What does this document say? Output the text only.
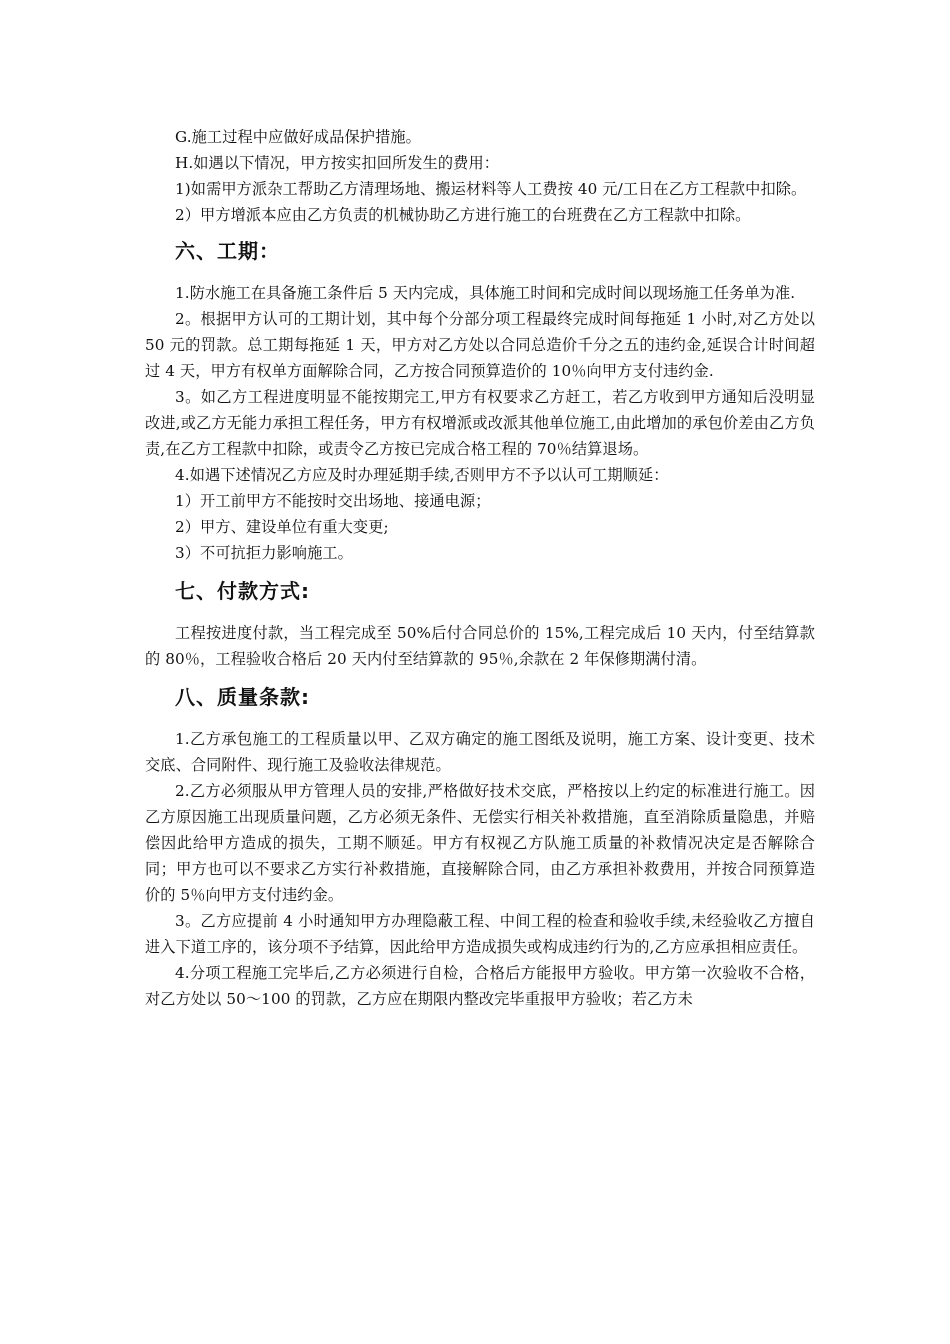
G.施工过程中应做好成品保护措施。

H.如遇以下情况，甲方按实扣回所发生的费用：

1)如需甲方派杂工帮助乙方清理场地、搬运材料等人工费按 40 元/工日在乙方工程款中扣除。

2）甲方增派本应由乙方负责的机械协助乙方进行施工的台班费在乙方工程款中扣除。

六、工期：

1.防水施工在具备施工条件后 5 天内完成，具体施工时间和完成时间以现场施工任务单为准.

2。根据甲方认可的工期计划，其中每个分部分项工程最终完成时间每拖延 1 小时,对乙方处以 50 元的罚款。总工期每拖延 1 天，甲方对乙方处以合同总造价千分之五的违约金,延误合计时间超过 4 天，甲方有权单方面解除合同，乙方按合同预算造价的 10％向甲方支付违约金.

3。如乙方工程进度明显不能按期完工,甲方有权要求乙方赶工，若乙方收到甲方通知后没明显改进,或乙方无能力承担工程任务，甲方有权增派或改派其他单位施工,由此增加的承包价差由乙方负责,在乙方工程款中扣除，或责令乙方按已完成合格工程的 70％结算退场。

4.如遇下述情况乙方应及时办理延期手续,否则甲方不予以认可工期顺延：

1）开工前甲方不能按时交出场地、接通电源；

2）甲方、建设单位有重大变更;

3）不可抗拒力影响施工。

七、付款方式:

工程按进度付款，当工程完成至 50%后付合同总价的 15%,工程完成后 10 天内，付至结算款的 80％，工程验收合格后 20 天内付至结算款的 95％,余款在 2 年保修期满付清。

八、质量条款:

1.乙方承包施工的工程质量以甲、乙双方确定的施工图纸及说明，施工方案、设计变更、技术交底、合同附件、现行施工及验收法律规范。

2.乙方必须服从甲方管理人员的安排,严格做好技术交底，严格按以上约定的标准进行施工。因乙方原因施工出现质量问题，乙方必须无条件、无偿实行相关补救措施，直至消除质量隐患，并赔偿因此给甲方造成的损失，工期不顺延。甲方有权视乙方队施工质量的补救情况决定是否解除合同；甲方也可以不要求乙方实行补救措施，直接解除合同，由乙方承担补救费用，并按合同预算造价的 5％向甲方支付违约金。

3。乙方应提前 4 小时通知甲方办理隐蔽工程、中间工程的检查和验收手续,未经验收乙方擅自进入下道工序的，该分项不予结算，因此给甲方造成损失或构成违约行为的,乙方应承担相应责任。

4.分项工程施工完毕后,乙方必须进行自检，合格后方能报甲方验收。甲方第一次验收不合格，对乙方处以 50～100 的罚款，乙方应在期限内整改完毕重报甲方验收；若乙方未
